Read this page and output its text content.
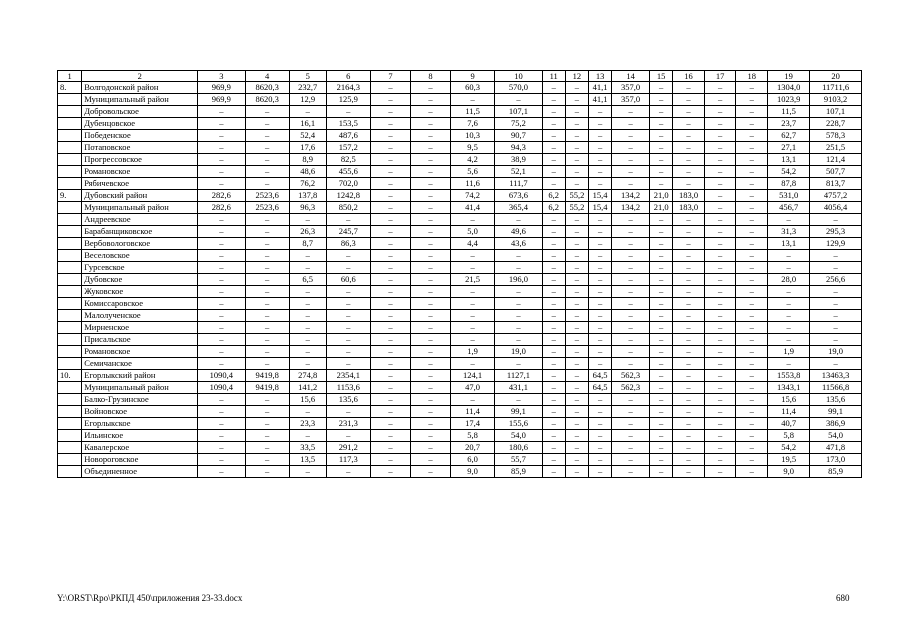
1	2	3	4	5	6	7	8	9	10	11	12	13	14	15	16	17	18	19	20
8.	Волгодонской район	969,9	8620,3	232,7	2164,3	–	–	60,3	570,0	–	–	41,1	357,0	–	–	–	–	1304,0	11711,6
	Муниципальный район	969,9	8620,3	12,9	125,9	–	–	–	–	–	–	41,1	357,0	–	–	–	–	1023,9	9103,2
	Добровольское	–	–	–	–	–	–	11,5	107,1	–	–	–	–	–	–	–	–	11,5	107,1
	Дубенцовское	–	–	16,1	153,5	–	–	7,6	75,2	–	–	–	–	–	–	–	–	23,7	228,7
	Победенское	–	–	52,4	487,6	–	–	10,3	90,7	–	–	–	–	–	–	–	–	62,7	578,3
	Потаповское	–	–	17,6	157,2	–	–	9,5	94,3	–	–	–	–	–	–	–	–	27,1	251,5
	Прогрессовское	–	–	8,9	82,5	–	–	4,2	38,9	–	–	–	–	–	–	–	–	13,1	121,4
	Романовское	–	–	48,6	455,6	–	–	5,6	52,1	–	–	–	–	–	–	–	–	54,2	507,7
	Рябичевское	–	–	76,2	702,0	–	–	11,6	111,7	–	–	–	–	–	–	–	–	87,8	813,7
9.	Дубовский район	282,6	2523,6	137,8	1242,8	–	–	74,2	673,6	6,2	55,2	15,4	134,2	21,0	183,0	–	–	531,0	4757,2
	Муниципальный район	282,6	2523,6	96,3	850,2	–	–	41,4	365,4	6,2	55,2	15,4	134,2	21,0	183,0	–	–	456,7	4056,4
	Андреевское	–	–	–	–	–	–	–	–	–	–	–	–	–	–	–	–	–	–
	Барабанщиковское	–	–	26,3	245,7	–	–	5,0	49,6	–	–	–	–	–	–	–	–	31,3	295,3
	Вербовологовское	–	–	8,7	86,3	–	–	4,4	43,6	–	–	–	–	–	–	–	–	13,1	129,9
	Веселовское	–	–	–	–	–	–	–	–	–	–	–	–	–	–	–	–	–	–
	Гурсевское	–	–	–	–	–	–	–	–	–	–	–	–	–	–	–	–	–	–
	Дубовское	–	–	6,5	60,6	–	–	21,5	196,0	–	–	–	–	–	–	–	–	28,0	256,6
	Жуковское	–	–	–	–	–	–	–	–	–	–	–	–	–	–	–	–	–	–
	Комиссаровское	–	–	–	–	–	–	–	–	–	–	–	–	–	–	–	–	–	–
	Малолученское	–	–	–	–	–	–	–	–	–	–	–	–	–	–	–	–	–	–
	Мирненское	–	–	–	–	–	–	–	–	–	–	–	–	–	–	–	–	–	–
	Присальское	–	–	–	–	–	–	–	–	–	–	–	–	–	–	–	–	–	–
	Романовское	–	–	–	–	–	–	1,9	19,0	–	–	–	–	–	–	–	–	1,9	19,0
	Семичанское	–	–	–	–	–	–	–	–	–	–	–	–	–	–	–	–	–	–
10.	Егорлыкский район	1090,4	9419,8	274,8	2354,1	–	–	124,1	1127,1	–	–	64,5	562,3	–	–	–	–	1553,8	13463,3
	Муниципальный район	1090,4	9419,8	141,2	1153,6	–	–	47,0	431,1	–	–	64,5	562,3	–	–	–	–	1343,1	11566,8
	Балко-Грузинское	–	–	15,6	135,6	–	–	–	–	–	–	–	–	–	–	–	–	15,6	135,6
	Войновское	–	–	–	–	–	–	11,4	99,1	–	–	–	–	–	–	–	–	11,4	99,1
	Егорлыкское	–	–	23,3	231,3	–	–	17,4	155,6	–	–	–	–	–	–	–	–	40,7	386,9
	Ильинское	–	–	–	–	–	–	5,8	54,0	–	–	–	–	–	–	–	–	5,8	54,0
	Кавалерское	–	–	33,5	291,2	–	–	20,7	180,6	–	–	–	–	–	–	–	–	54,2	471,8
	Новороговское	–	–	13,5	117,3	–	–	6,0	55,7	–	–	–	–	–	–	–	–	19,5	173,0
	Объединенное	–	–	–	–	–	–	9,0	85,9	–	–	–	–	–	–	–	–	9,0	85,9
Y:\ORST\Rpo\РКПД 450\приложения 23-33.docx	680
